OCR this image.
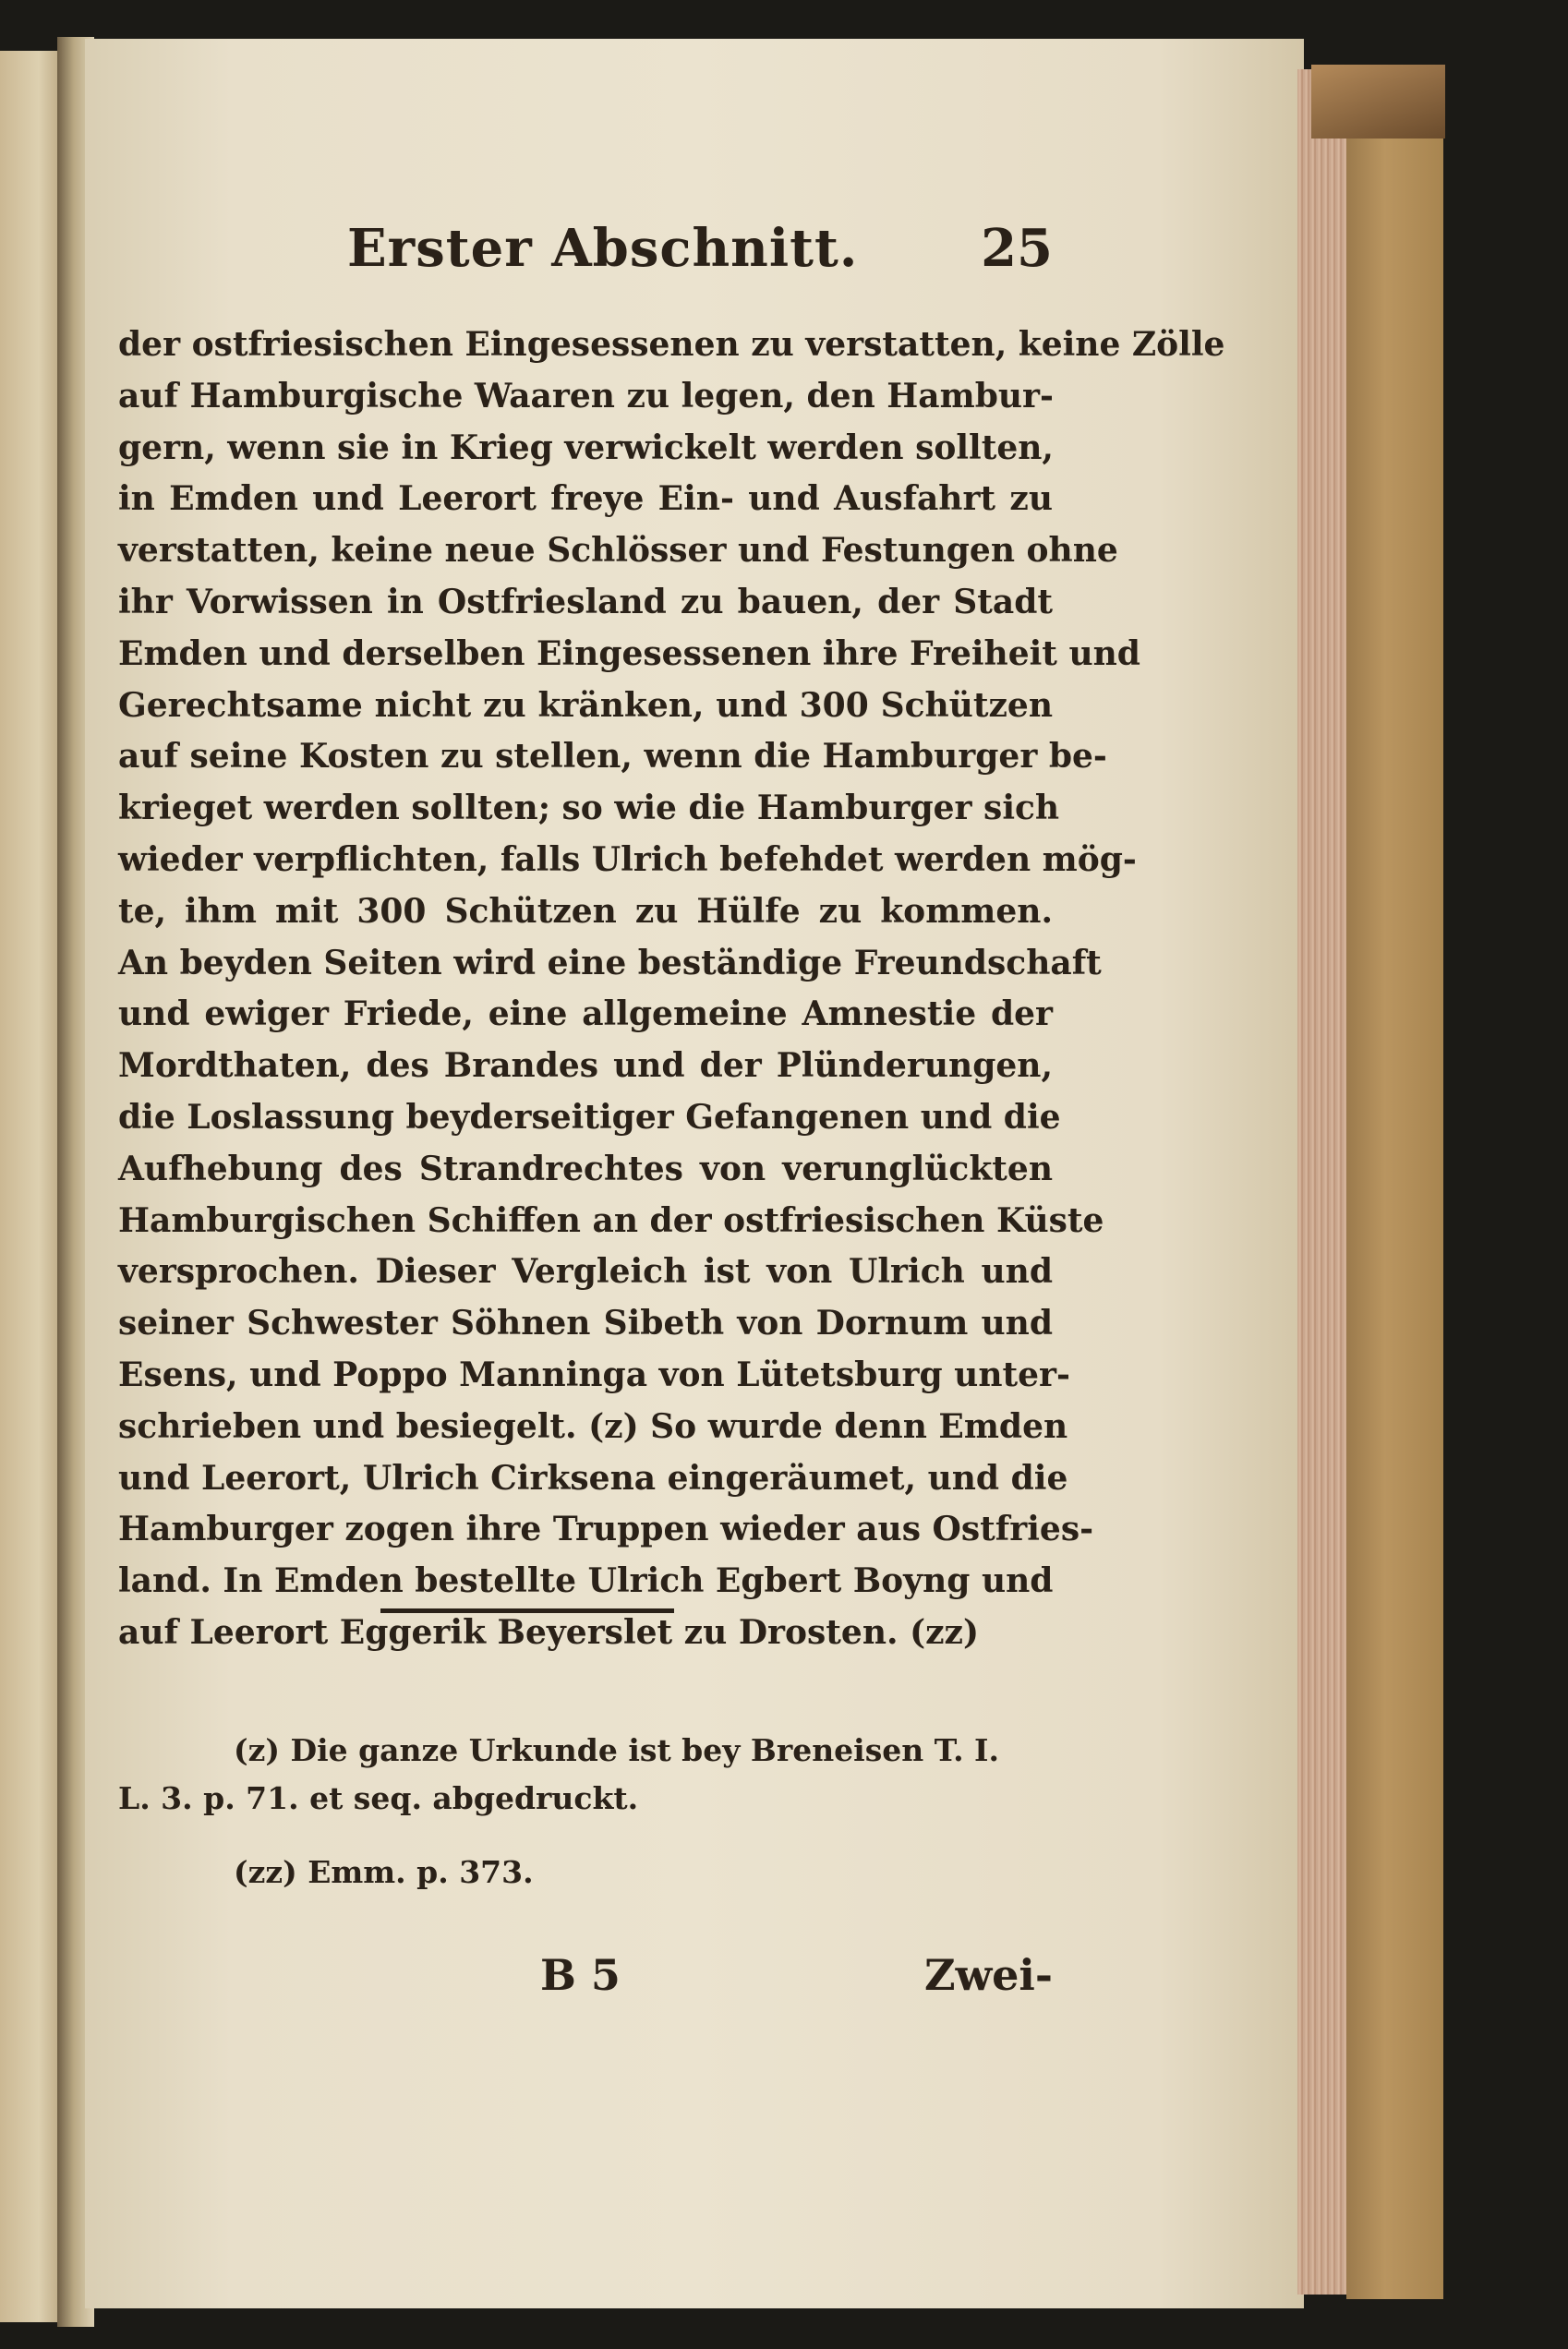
Erster Abschnitt. 25
der ostfriesischen Eingesessenen zu verstatten, keine Zölle
auf Hamburgische Waaren zu legen, den Hambur-
gern, wenn sie in Krieg verwickelt werden sollten,
in Emden und Leerort freye Ein- und Ausfahrt zu
verstatten, keine neue Schlösser und Festungen ohne
ihr Vorwissen in Ostfriesland zu bauen, der Stadt
Emden und derselben Eingesessenen ihre Freiheit und
Gerechtsame nicht zu kränken, und 300 Schützen
auf seine Kosten zu stellen, wenn die Hamburger be-
krieget werden sollten; so wie die Hamburger sich
wieder verpflichten, falls Ulrich befehdet werden mög-
te, ihm mit 300 Schützen zu Hülfe zu kommen.
An beyden Seiten wird eine beständige Freundschaft
und ewiger Friede, eine allgemeine Amnestie der
Mordthaten, des Brandes und der Plünderungen,
die Loslassung beyderseitiger Gefangenen und die
Aufhebung des Strandrechtes von verunglückten
Hamburgischen Schiffen an der ostfriesischen Küste
versprochen. Dieser Vergleich ist von Ulrich und
seiner Schwester Söhnen Sibeth von Dornum und
Esens, und Poppo Manninga von Lütetsburg unter-
schrieben und besiegelt. (z) So wurde denn Emden
und Leerort, Ulrich Cirksena eingeräumet, und die
Hamburger zogen ihre Truppen wieder aus Ostfries-
land. In Emden bestellte Ulrich Egbert Boyng und
auf Leerort Eggerik Beyerslet zu Drosten. (zz)
(z) Die ganze Urkunde ist bey Breneisen T. I.
L. 3. p. 71. et seq. abgedruckt.
(zz) Emm. p. 373.
B 5	Zwei-
